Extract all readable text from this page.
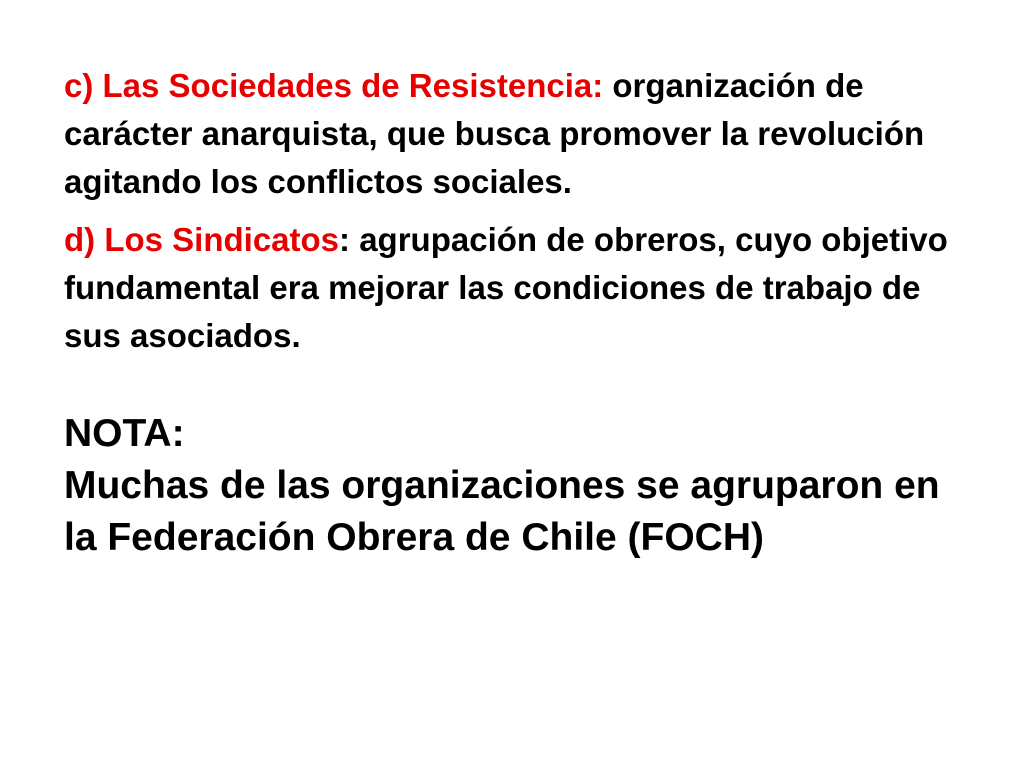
c) Las Sociedades de Resistencia: organización de carácter anarquista, que busca promover la revolución agitando los conflictos sociales.

d) Los Sindicatos: agrupación de obreros, cuyo objetivo fundamental era mejorar las condiciones de trabajo de sus asociados.

NOTA:
Muchas de las organizaciones se agruparon en la Federación Obrera de Chile (FOCH)
